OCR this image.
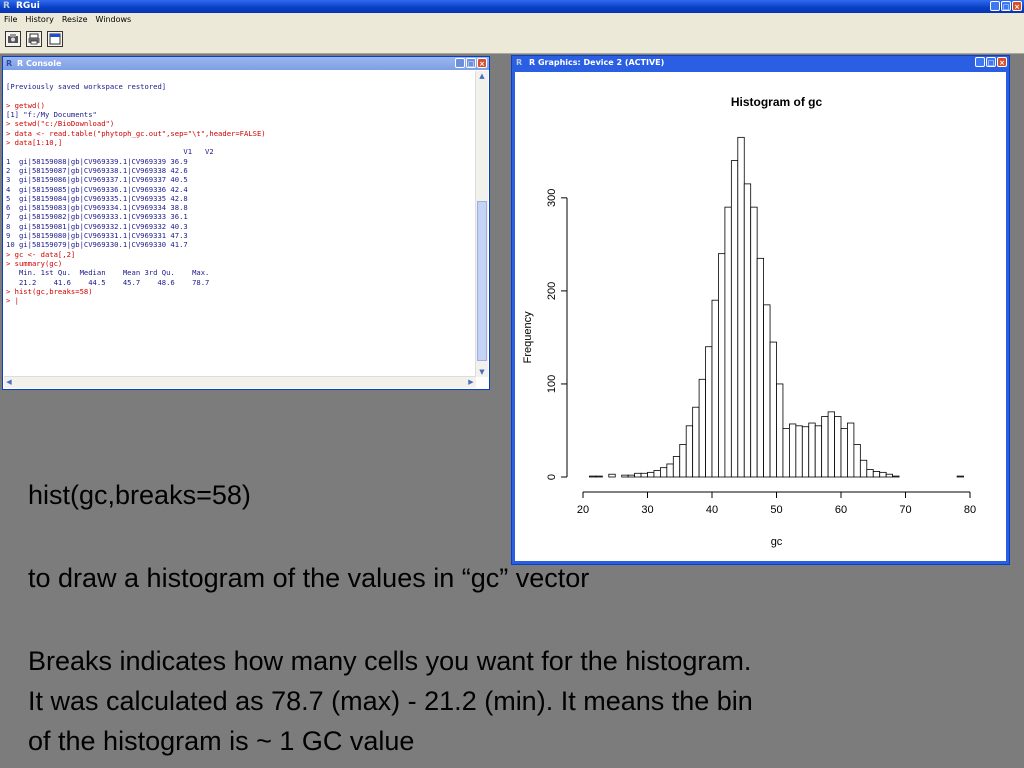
R RGui	_ □ ×
File	History	Resize	Windows
R R Console	_ □ ×

[Previously saved workspace restored]

> getwd()
[1] "f:/My Documents"
> setwd("c:/BioDownload")
> data <- read.table("phytoph_gc.out",sep="\t",header=FALSE)
> data[1:10,]
V1   V2
1  gi|58159088|gb|CV969339.1|CV969339 36.9
2  gi|58159087|gb|CV969338.1|CV969338 42.6
3  gi|58159086|gb|CV969337.1|CV969337 40.5
4  gi|58159085|gb|CV969336.1|CV969336 42.4
5  gi|58159084|gb|CV969335.1|CV969335 42.8
6  gi|58159083|gb|CV969334.1|CV969334 38.8
7  gi|58159082|gb|CV969333.1|CV969333 36.1
8  gi|58159081|gb|CV969332.1|CV969332 40.3
9  gi|58159080|gb|CV969331.1|CV969331 47.3
10 gi|58159079|gb|CV969330.1|CV969330 41.7
> gc <- data[,2]
> summary(gc)
Min. 1st Qu.  Median    Mean 3rd Qu.    Max.
21.2    41.6    44.5    45.7    48.6    78.7
> hist(gc,breaks=58)
> |
▲
▼
◀	▶
R R Graphics: Device 2 (ACTIVE)	_ □ ×
Histogram of gc
20	30	40	50	60	70	80
gc
0
100
200
300
Frequency
hist(gc,breaks=58)
to draw a histogram of the values in “gc” vector
Breaks indicates how many cells you want for the histogram.
It was calculated as 78.7 (max) - 21.2 (min). It means the bin
of the histogram is ~ 1 GC value
